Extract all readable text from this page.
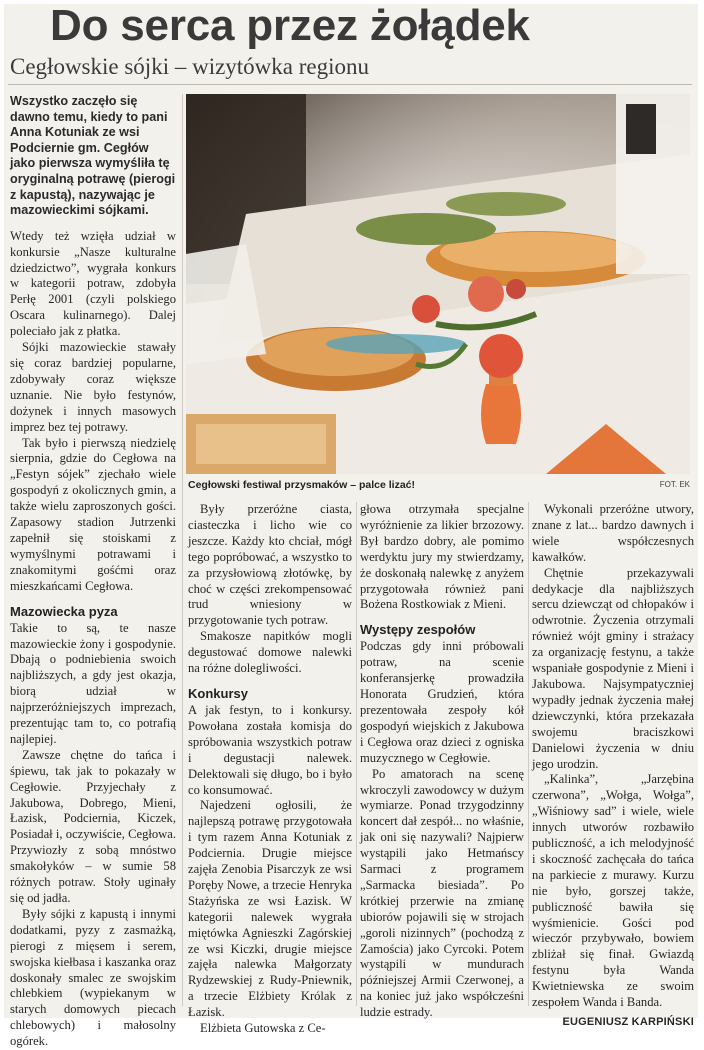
Do serca przez żołądek
Cegłowskie sójki – wizytówka regionu
Wszystko zaczęło się dawno temu, kiedy to pani Anna Kotuniak ze wsi Podciernie gm. Cegłów jako pierwsza wymyśliła tę oryginalną potrawę (pierogi z kapustą), nazywając je mazowieckimi sójkami.

Wtedy też wzięła udział w konkursie „Nasze kulturalne dziedzictwo”, wygrała konkurs w kategorii potraw, zdobyła Perłę 2001 (czyli polskiego Oscara kulinarnego). Dalej poleciało jak z płatka.

Sójki mazowieckie stawały się coraz bardziej popularne, zdobywały coraz większe uznanie. Nie było festynów, dożynek i innych masowych imprez bez tej potrawy.

Tak było i pierwszą niedzielę sierpnia, gdzie do Cegłowa na „Festyn sójek” zjechało wiele gospodyń z okolicznych gmin, a także wielu zaproszonych gości. Zapasowy stadion Jutrzenki zapełnił się stoiskami z wymyślnymi potrawami i znakomitymi gośćmi oraz mieszkańcami Cegłowa.

Mazowiecka pyza

Takie to są, te nasze mazowieckie żony i gospodynie. Dbają o podniebienia swoich najbliższych, a gdy jest okazja, biorą udział w najprzeróżniejszych imprezach, prezentując tam to, co potrafią najlepiej.

Zawsze chętne do tańca i śpiewu, tak jak to pokazały w Cegłowie. Przyjechały z Jakubowa, Dobrego, Mieni, Łazisk, Podciernia, Kiczek, Posiadał i, oczywiście, Cegłowa. Przywiozły z sobą mnóstwo smakołyków – w sumie 58 różnych potraw. Stoły uginały się od jadła.

Były sójki z kapustą i innymi dodatkami, pyzy z zasmażką, pierogi z mięsem i serem, swojska kiełbasa i kaszanka oraz doskonały smalec ze swojskim chlebkiem (wypiekanym w starych domowych piecach chlebowych) i małosolny ogórek.

Cegłowski festiwal przysmaków – palce lizać!	FOT. EK

Były przeróżne ciasta, ciasteczka i licho wie co jeszcze. Każdy kto chciał, mógł tego popróbować, a wszystko to za przysłowiową złotówkę, by choć w części zrekompensować trud wniesiony w przygotowanie tych potraw.

Smakosze napitków mogli degustować domowe nalewki na różne dolegliwości.

Konkursy

A jak festyn, to i konkursy. Powołana została komisja do spróbowania wszystkich potraw i degustacji nalewek. Delektowali się długo, bo i było co konsumować.

Najedzeni ogłosili, że najlepszą potrawę przygotowała i tym razem Anna Kotuniak z Podciernia. Drugie miejsce zajęła Zenobia Pisarczyk ze wsi Poręby Nowe, a trzecie Henryka Stażyńska ze wsi Łazisk. W kategorii nalewek wygrała miętówka Agnieszki Zagórskiej ze wsi Kiczki, drugie miejsce zajęła nalewka Małgorzaty Rydzewskiej z Rudy-Pniewnik, a trzecie Elżbiety Królak z Łazisk.

Elżbieta Gutowska z Ce-

głowa otrzymała specjalne wyróżnienie za likier brzozowy. Był bardzo dobry, ale pomimo werdyktu jury my stwierdzamy, że doskonałą nalewkę z anyżem przygotowała również pani Bożena Rostkowiak z Mieni.

Występy zespołów

Podczas gdy inni próbowali potraw, na scenie konferansjerkę prowadziła Honorata Grudzień, która prezentowała zespoły kół gospodyń wiejskich z Jakubowa i Cegłowa oraz dzieci z ogniska muzycznego w Cegłowie.

Po amatorach na scenę wkroczyli zawodowcy w dużym wymiarze. Ponad trzygodzinny koncert dał zespół... no właśnie, jak oni się nazywali? Najpierw wystąpili jako Hetmańscy Sarmaci z programem „Sarmacka biesiada”. Po krótkiej przerwie na zmianę ubiorów pojawili się w strojach „goroli nizinnych” (pochodzą z Zamościa) jako Cyrcoki. Potem wystąpili w mundurach późniejszej Armii Czerwonej, a na koniec już jako współcześni ludzie estrady.

Wykonali przeróżne utwory, znane z lat... bardzo dawnych i wiele współczesnych kawałków.

Chętnie przekazywali dedykacje dla najbliższych sercu dziewcząt od chłopaków i odwrotnie. Życzenia otrzymali również wójt gminy i strażacy za organizację festynu, a także wspaniałe gospodynie z Mieni i Jakubowa. Najsympatyczniej wypadły jednak życzenia małej dziewczynki, która przekazała swojemu braciszkowi Danielowi życzenia w dniu jego urodzin.

„Kalinka”, „Jarzębina czerwona”, „Wołga, Wołga”, „Wiśniowy sad” i wiele, wiele innych utworów rozbawiło publiczność, a ich melodyjność i skoczność zachęcała do tańca na parkiecie z murawy. Kurzu nie było, gorszej także, publiczność bawiła się wyśmienicie. Gości pod wieczór przybywało, bowiem zbliżał się finał. Gwiazdą festynu była Wanda Kwietniewska ze swoim zespołem Wanda i Banda.

EUGENIUSZ KARPIŃSKI
